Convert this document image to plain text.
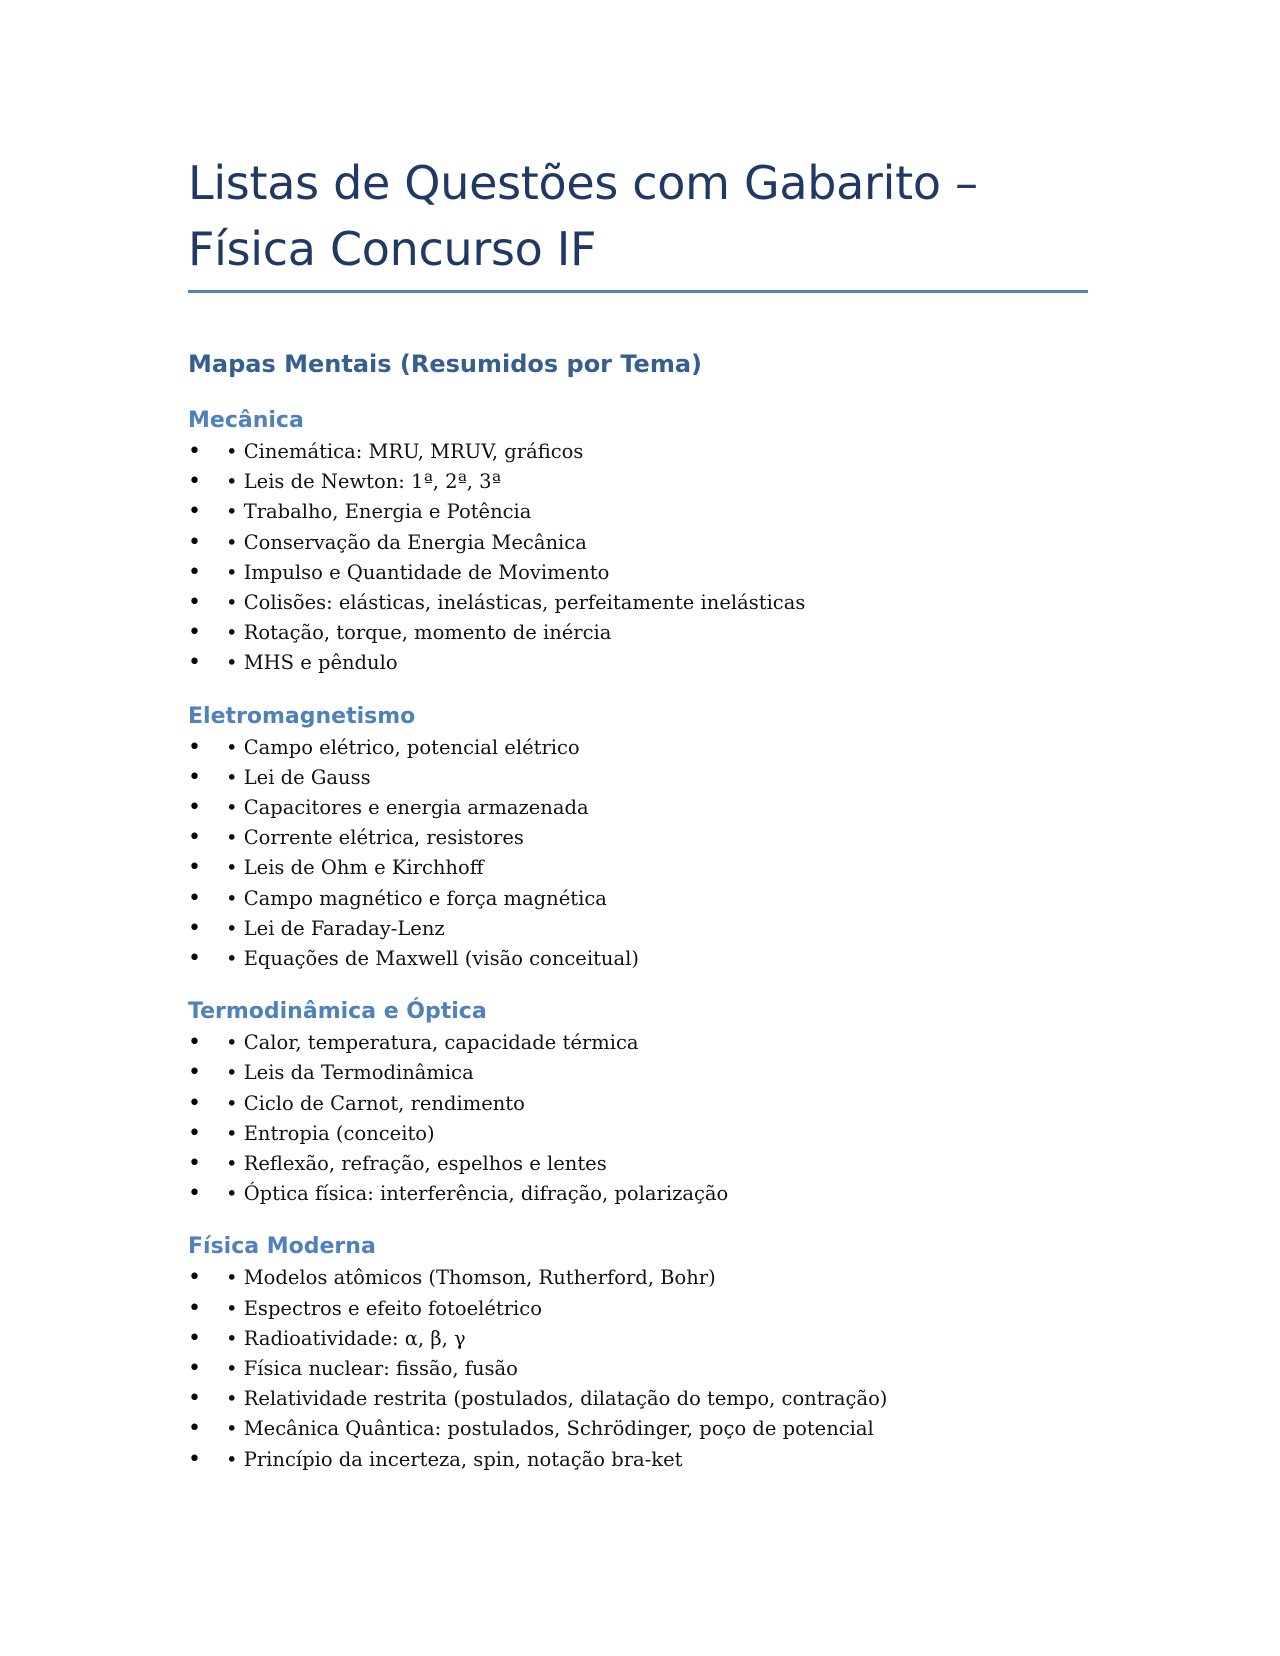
Listas de Questões com Gabarito –
Física Concurso IF
Mapas Mentais (Resumidos por Tema)
Mecânica
• • Cinemática: MRU, MRUV, gráficos
• • Leis de Newton: 1ª, 2ª, 3ª
• • Trabalho, Energia e Potência
• • Conservação da Energia Mecânica
• • Impulso e Quantidade de Movimento
• • Colisões: elásticas, inelásticas, perfeitamente inelásticas
• • Rotação, torque, momento de inércia
• • MHS e pêndulo
Eletromagnetismo
• • Campo elétrico, potencial elétrico
• • Lei de Gauss
• • Capacitores e energia armazenada
• • Corrente elétrica, resistores
• • Leis de Ohm e Kirchhoff
• • Campo magnético e força magnética
• • Lei de Faraday-Lenz
• • Equações de Maxwell (visão conceitual)
Termodinâmica e Óptica
• • Calor, temperatura, capacidade térmica
• • Leis da Termodinâmica
• • Ciclo de Carnot, rendimento
• • Entropia (conceito)
• • Reflexão, refração, espelhos e lentes
• • Óptica física: interferência, difração, polarização
Física Moderna
• • Modelos atômicos (Thomson, Rutherford, Bohr)
• • Espectros e efeito fotoelétrico
• • Radioatividade: α, β, γ
• • Física nuclear: fissão, fusão
• • Relatividade restrita (postulados, dilatação do tempo, contração)
• • Mecânica Quântica: postulados, Schrödinger, poço de potencial
• • Princípio da incerteza, spin, notação bra-ket
